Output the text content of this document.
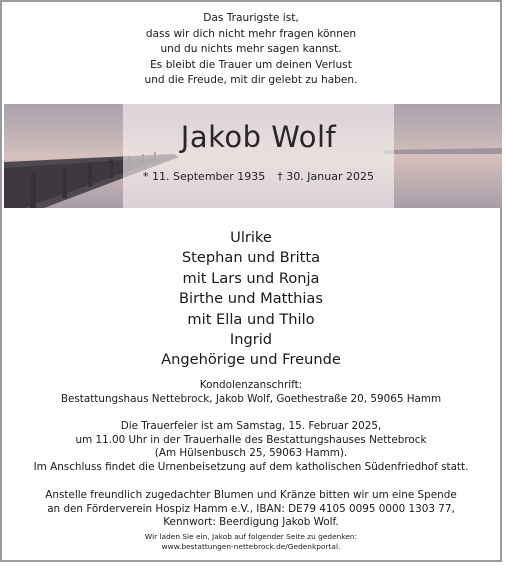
Das Traurigste ist,
dass wir dich nicht mehr fragen können
und du nichts mehr sagen kannst.
Es bleibt die Trauer um deinen Verlust
und die Freude, mit dir gelebt zu haben.
Jakob Wolf
* 11. September 1935 † 30. Januar 2025
Ulrike
Stephan und Britta
mit Lars und Ronja
Birthe und Matthias
mit Ella und Thilo
Ingrid
Angehörige und Freunde
Kondolenzanschrift:
Bestattungshaus Nettebrock, Jakob Wolf, Goethestraße 20, 59065 Hamm
Die Trauerfeier ist am Samstag, 15. Februar 2025,
um 11.00 Uhr in der Trauerhalle des Bestattungshauses Nettebrock
(Am Hülsenbusch 25, 59063 Hamm).
Im Anschluss findet die Urnenbeisetzung auf dem katholischen Südenfriedhof statt.
Anstelle freundlich zugedachter Blumen und Kränze bitten wir um eine Spende
an den Förderverein Hospiz Hamm e.V., IBAN: DE79 4105 0095 0000 1303 77,
Kennwort: Beerdigung Jakob Wolf.
Wir laden Sie ein, Jakob auf folgender Seite zu gedenken:
www.bestattungen-nettebrock.de/Gedenkportal.
